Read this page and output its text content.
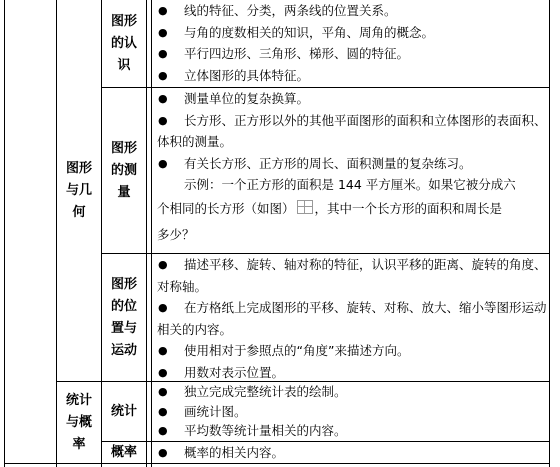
图形与几何
统计与概率
图形的认识
图形的测量
图形的位置与运动
统计
概率
● 线的特征、分类，两条线的位置关系。
● 与角的度数相关的知识，平角、周角的概念。
● 平行四边形、三角形、梯形、圆的特征。
● 立体图形的具体特征。
● 测量单位的复杂换算。
● 长方形、正方形以外的其他平面图形的面积和立体图形的表面积、体积的测量。
● 有关长方形、正方形的周长、面积测量的复杂练习。
示例：一个正方形的面积是 144 平方厘米。如果它被分成六
个相同的长方形（如图） ，其中一个长方形的面积和周长是
多少？
● 描述平移、旋转、轴对称的特征，认识平移的距离、旋转的角度、对称轴。
● 在方格纸上完成图形的平移、旋转、对称、放大、缩小等图形运动相关的内容。
● 使用相对于参照点的“角度”来描述方向。
● 用数对表示位置。
● 独立完成完整统计表的绘制。
● 画统计图。
● 平均数等统计量相关的内容。
● 概率的相关内容。
